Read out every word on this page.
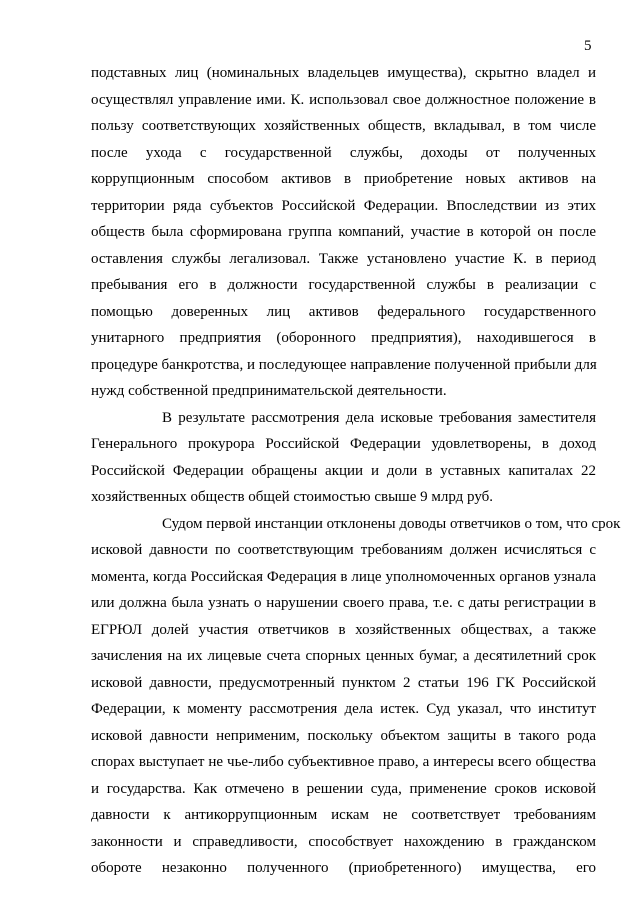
5
подставных лиц (номинальных владельцев имущества), скрытно владел и
осуществлял управление ими. К. использовал свое должностное положение в
пользу соответствующих хозяйственных обществ, вкладывал, в том числе
после ухода с государственной службы, доходы от полученных
коррупционным способом активов в приобретение новых активов на
территории ряда субъектов Российской Федерации. Впоследствии из этих
обществ была сформирована группа компаний, участие в которой он после
оставления службы легализовал. Также установлено участие К. в период
пребывания его в должности государственной службы в реализации с
помощью доверенных лиц активов федерального государственного
унитарного предприятия (оборонного предприятия), находившегося в
процедуре банкротства, и последующее направление полученной прибыли для
нужд собственной предпринимательской деятельности.
В результате рассмотрения дела исковые требования заместителя
Генерального прокурора Российской Федерации удовлетворены, в доход
Российской Федерации обращены акции и доли в уставных капиталах 22
хозяйственных обществ общей стоимостью свыше 9 млрд руб.
Судом первой инстанции отклонены доводы ответчиков о том, что срок
исковой давности по соответствующим требованиям должен исчисляться с
момента, когда Российская Федерация в лице уполномоченных органов узнала
или должна была узнать о нарушении своего права, т.е. с даты регистрации в
ЕГРЮЛ долей участия ответчиков в хозяйственных обществах, а также
зачисления на их лицевые счета спорных ценных бумаг, а десятилетний срок
исковой давности, предусмотренный пунктом 2 статьи 196 ГК Российской
Федерации, к моменту рассмотрения дела истек. Суд указал, что институт
исковой давности неприменим, поскольку объектом защиты в такого рода
спорах выступает не чье-либо субъективное право, а интересы всего общества
и государства. Как отмечено в решении суда, применение сроков исковой
давности к антикоррупционным искам не соответствует требованиям
законности и справедливости, способствует нахождению в гражданском
обороте незаконно полученного (приобретенного) имущества, его
